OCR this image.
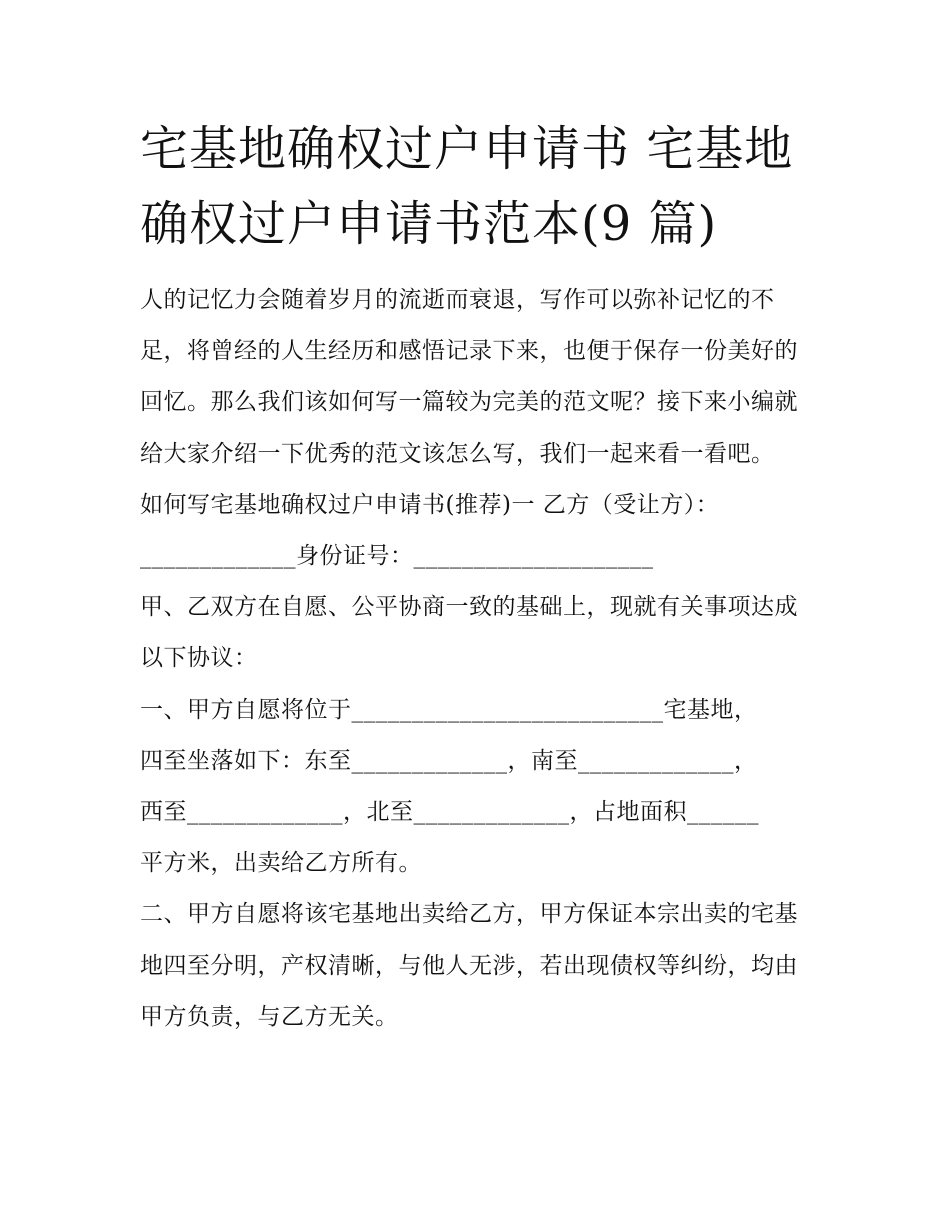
宅基地确权过户申请书 宅基地
确权过户申请书范本(9 篇)

人的记忆力会随着岁月的流逝而衰退，写作可以弥补记忆的不足，将曾经的人生经历和感悟记录下来，也便于保存一份美好的回忆。那么我们该如何写一篇较为完美的范文呢？接下来小编就给大家介绍一下优秀的范文该怎么写，我们一起来看一看吧。

如何写宅基地确权过户申请书(推荐)一 乙方（受让方）：

_____________身份证号：____________________

甲、乙双方在自愿、公平协商一致的基础上，现就有关事项达成以下协议：

一、甲方自愿将位于__________________________宅基地，

四至坐落如下：东至_____________，南至_____________，

西至_____________，北至_____________，占地面积______

平方米，出卖给乙方所有。

二、甲方自愿将该宅基地出卖给乙方，甲方保证本宗出卖的宅基地四至分明，产权清晰，与他人无涉，若出现债权等纠纷，均由甲方负责，与乙方无关。
